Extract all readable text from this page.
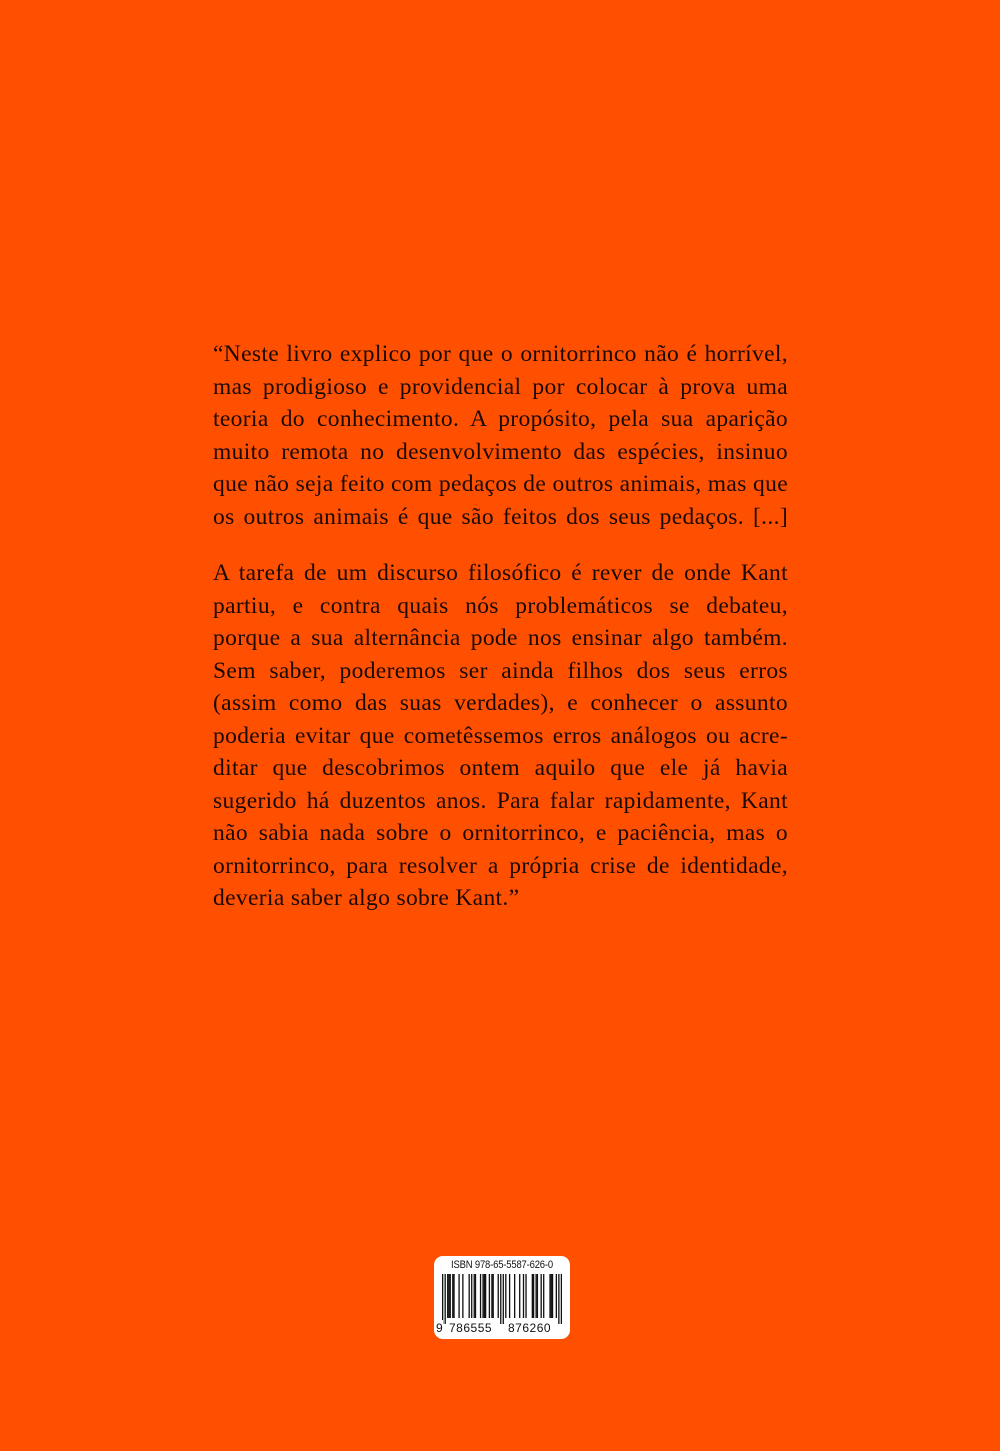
“Neste livro explico por que o ornitorrinco não é horrível,
mas prodigioso e providencial por colocar à prova uma
teoria do conhecimento. A propósito, pela sua aparição
muito remota no desenvolvimento das espécies, insinuo
que não seja feito com pedaços de outros animais, mas que
os outros animais é que são feitos dos seus pedaços. [...]

A tarefa de um discurso filosófico é rever de onde Kant
partiu, e contra quais nós problemáticos se debateu,
porque a sua alternância pode nos ensinar algo também.
Sem saber, poderemos ser ainda filhos dos seus erros
(assim como das suas verdades), e conhecer o assunto
poderia evitar que cometêssemos erros análogos ou acre-
ditar que descobrimos ontem aquilo que ele já havia
sugerido há duzentos anos. Para falar rapidamente, Kant
não sabia nada sobre o ornitorrinco, e paciência, mas o
ornitorrinco, para resolver a própria crise de identidade,
deveria saber algo sobre Kant.”

ISBN 978-65-5587-626-0
9 786555 876260
